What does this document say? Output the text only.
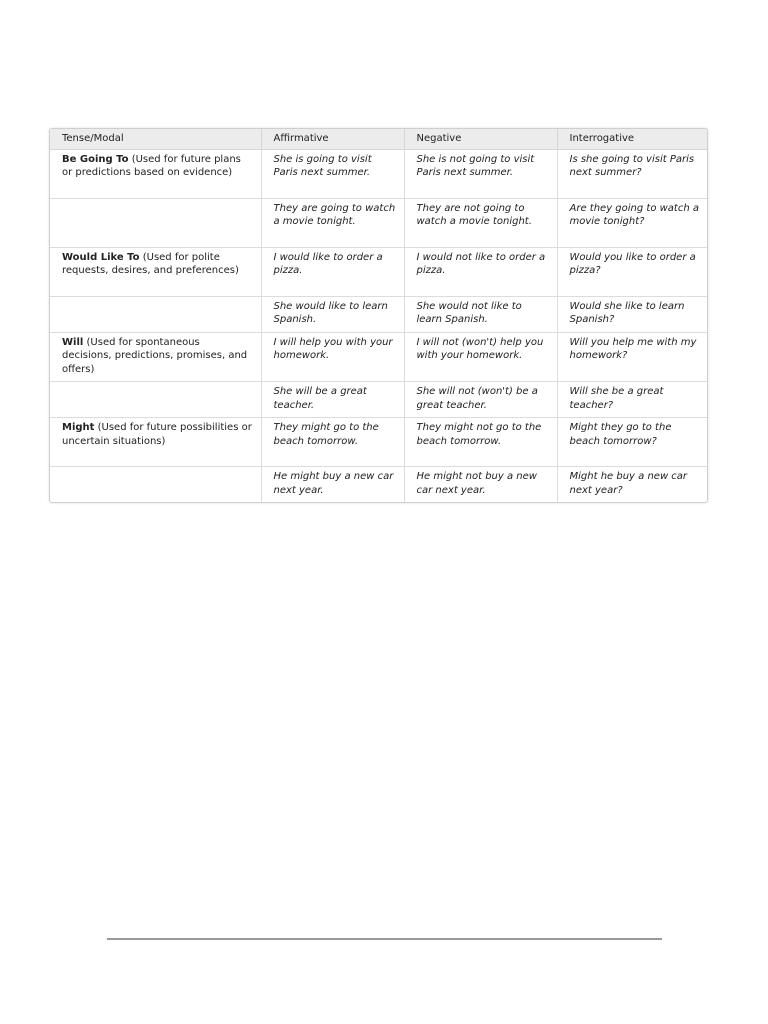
Tense/Modal	Affirmative	Negative	Interrogative
Be Going To (Used for future plans or predictions based on evidence)	She is going to visit Paris next summer.	She is not going to visit Paris next summer.	Is she going to visit Paris next summer?
	They are going to watch a movie tonight.	They are not going to watch a movie tonight.	Are they going to watch a movie tonight?
Would Like To (Used for polite requests, desires, and preferences)	I would like to order a pizza.	I would not like to order a pizza.	Would you like to order a pizza?
	She would like to learn Spanish.	She would not like to learn Spanish.	Would she like to learn Spanish?
Will (Used for spontaneous decisions, predictions, promises, and offers)	I will help you with your homework.	I will not (won't) help you with your homework.	Will you help me with my homework?
	She will be a great teacher.	She will not (won't) be a great teacher.	Will she be a great teacher?
Might (Used for future possibilities or uncertain situations)	They might go to the beach tomorrow.	They might not go to the beach tomorrow.	Might they go to the beach tomorrow?
	He might buy a new car next year.	He might not buy a new car next year.	Might he buy a new car next year?
